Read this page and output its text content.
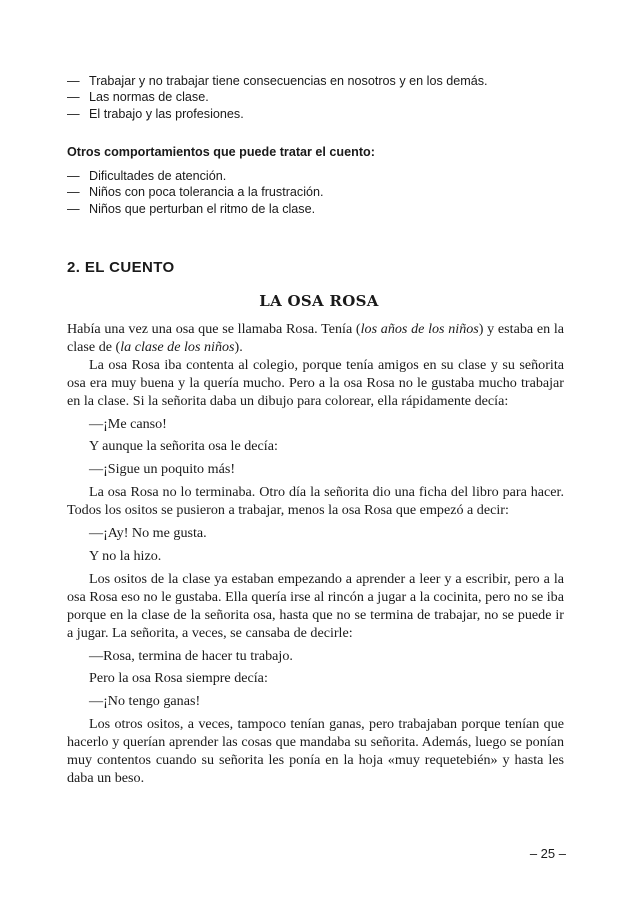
— Trabajar y no trabajar tiene consecuencias en nosotros y en los demás.
— Las normas de clase.
— El trabajo y las profesiones.
Otros comportamientos que puede tratar el cuento:
— Dificultades de atención.
— Niños con poca tolerancia a la frustración.
— Niños que perturban el ritmo de la clase.
2. EL CUENTO
LA OSA ROSA

Había una vez una osa que se llamaba Rosa. Tenía (los años de los niños) y estaba en la clase de (la clase de los niños).

La osa Rosa iba contenta al colegio, porque tenía amigos en su clase y su señorita osa era muy buena y la quería mucho. Pero a la osa Rosa no le gustaba mucho trabajar en la clase. Si la señorita daba un dibujo para colorear, ella rápidamente decía:

—¡Me canso!

Y aunque la señorita osa le decía:

—¡Sigue un poquito más!

La osa Rosa no lo terminaba. Otro día la señorita dio una ficha del libro para hacer. Todos los ositos se pusieron a trabajar, menos la osa Rosa que empezó a decir:

—¡Ay! No me gusta.

Y no la hizo.

Los ositos de la clase ya estaban empezando a aprender a leer y a escribir, pero a la osa Rosa eso no le gustaba. Ella quería irse al rincón a jugar a la cocinita, pero no se iba porque en la clase de la señorita osa, hasta que no se termina de trabajar, no se puede ir a jugar. La señorita, a veces, se cansaba de decirle:

—Rosa, termina de hacer tu trabajo.

Pero la osa Rosa siempre decía:

—¡No tengo ganas!

Los otros ositos, a veces, tampoco tenían ganas, pero trabajaban porque tenían que hacerlo y querían aprender las cosas que mandaba su señorita. Además, luego se ponían muy contentos cuando su señorita les ponía en la hoja «muy requetebién» y hasta les daba un beso.

– 25 –
